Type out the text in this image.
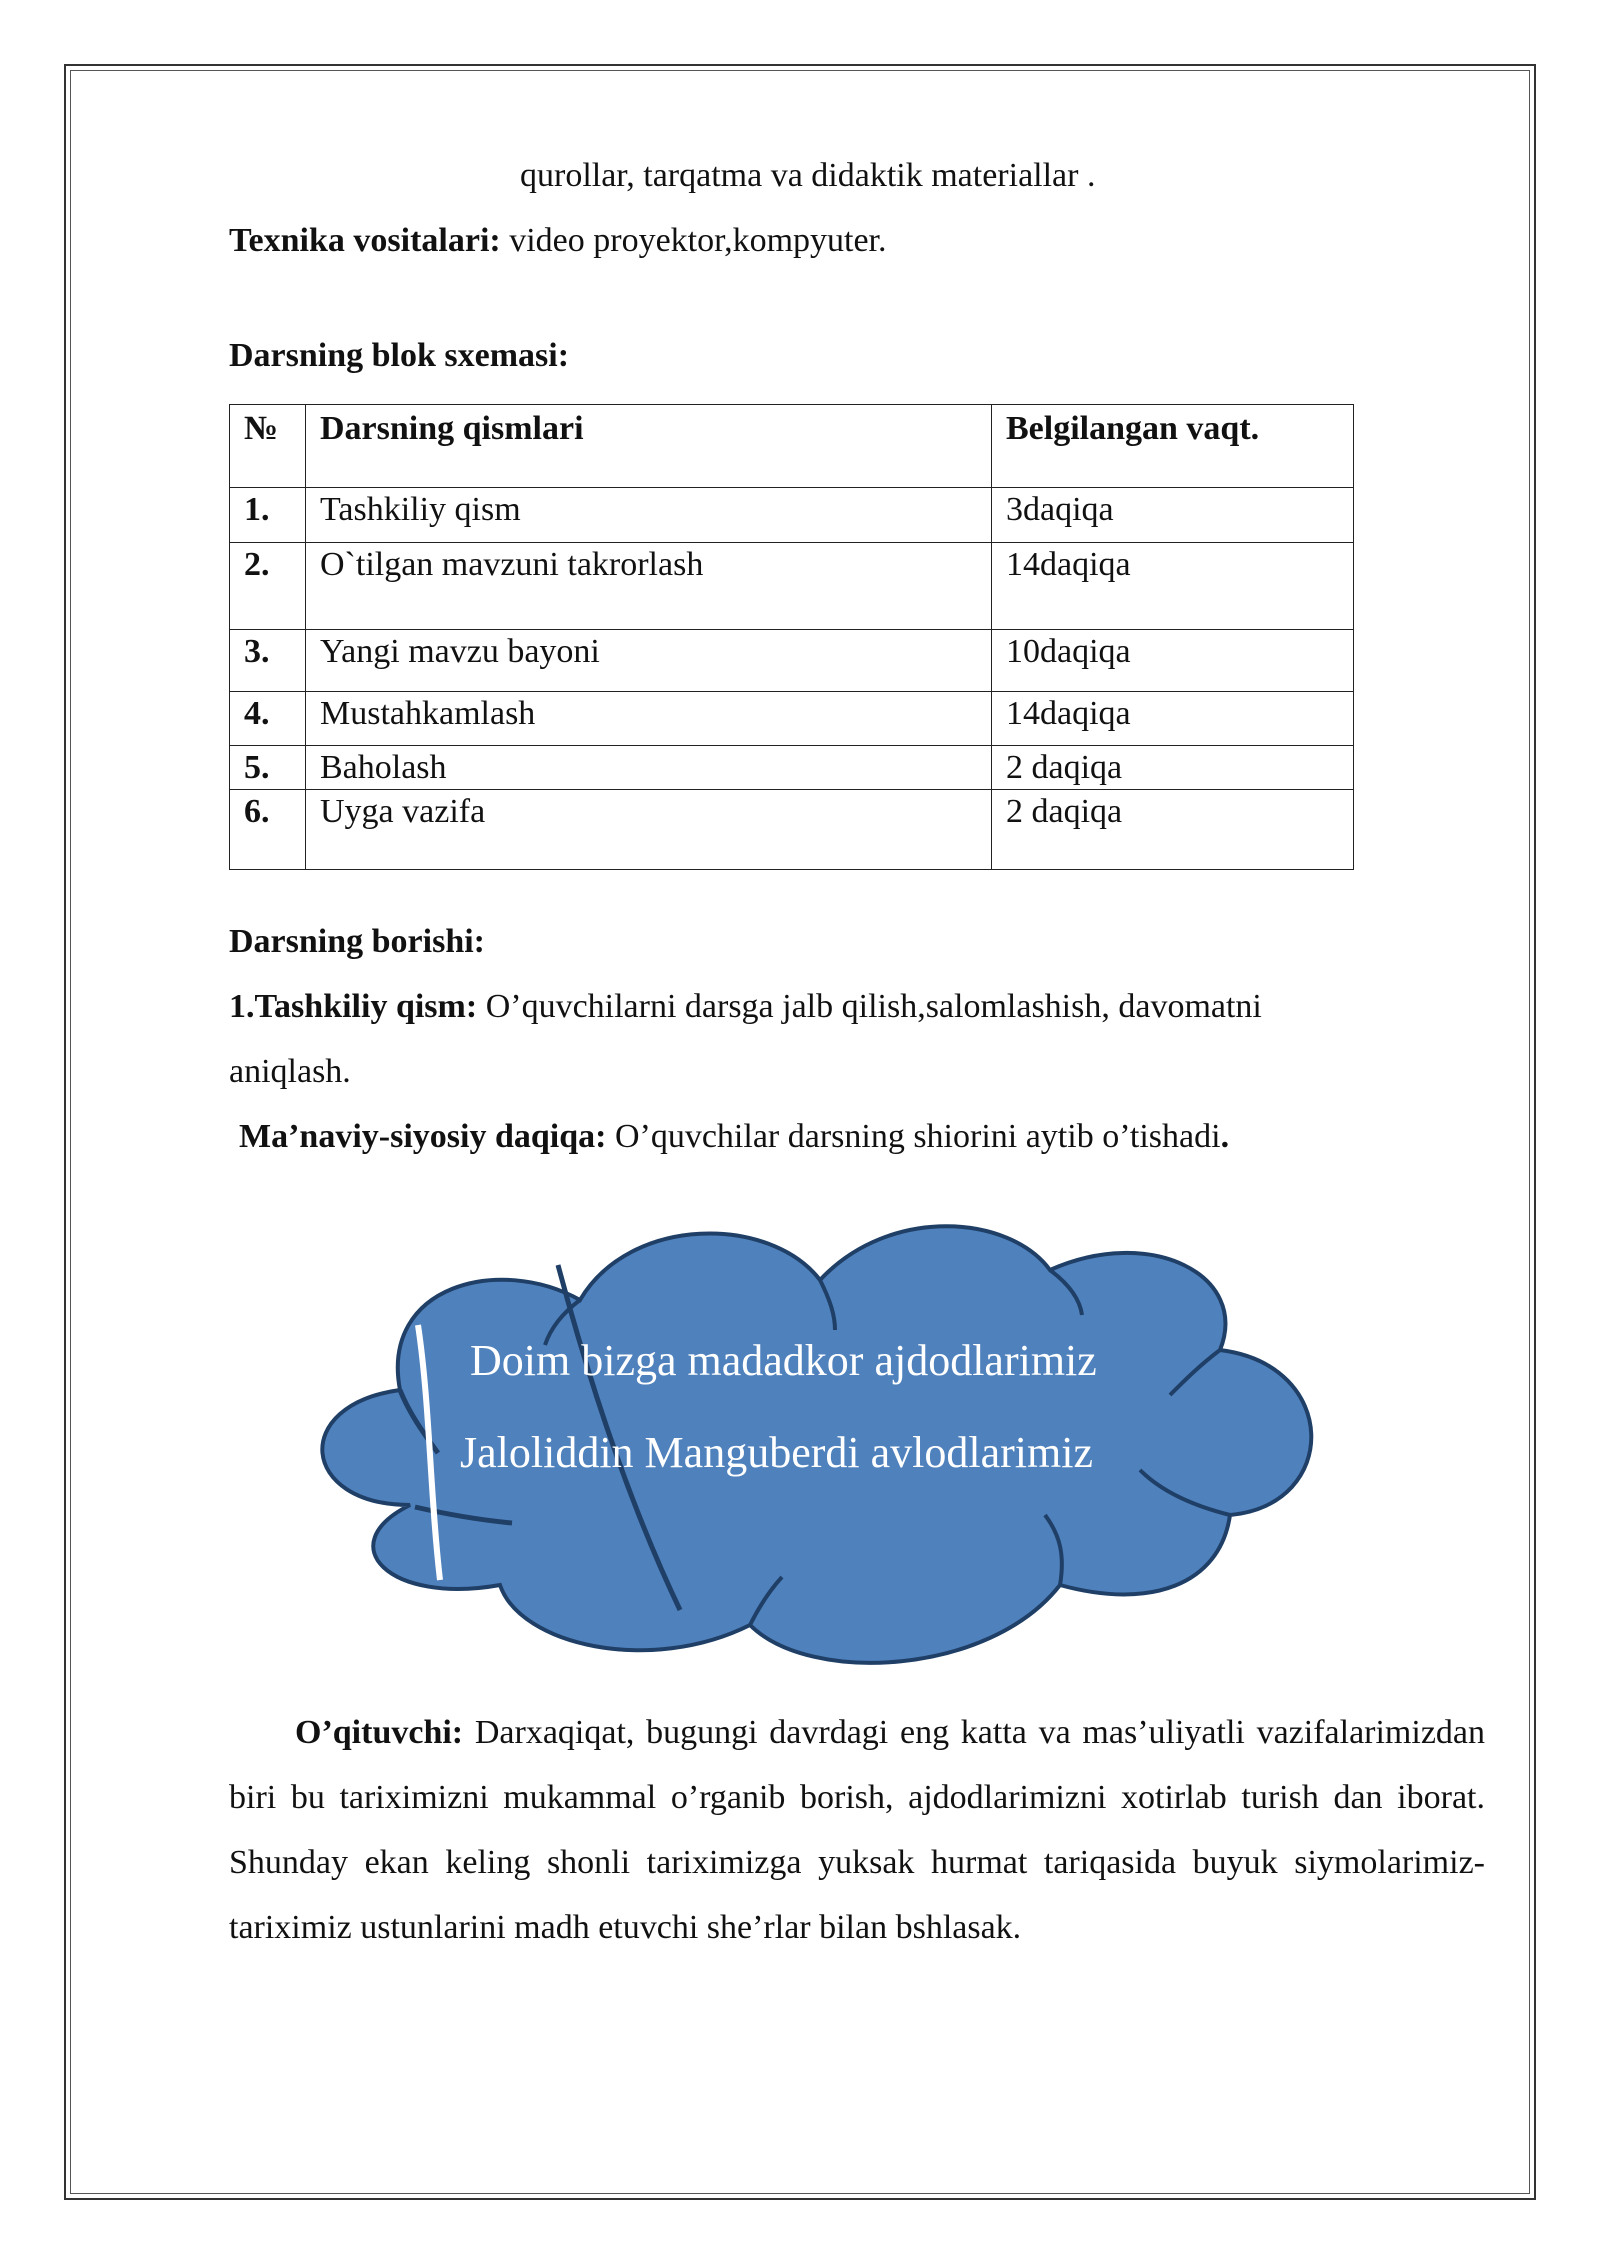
qurollar, tarqatma va didaktik materiallar .
Texnika vositalari: video proyektor,kompyuter.
Darsning blok sxemasi:
№	Darsning qismlari	Belgilangan vaqt.
1.	Tashkiliy qism	3daqiqa
2.	O`tilgan mavzuni takrorlash	14daqiqa
3.	Yangi mavzu bayoni	10daqiqa
4.	Mustahkamlash	14daqiqa
5.	Baholash	2 daqiqa
6.	Uyga vazifa	2 daqiqa
Darsning borishi:
1.Tashkiliy qism: O’quvchilarni darsga jalb qilish,salomlashish, davomatni
aniqlash.
Ma’naviy-siyosiy daqiqa: O’quvchilar darsning shiorini aytib o’tishadi.
Doim bizga madadkor ajdodlarimiz
Jaloliddin Manguberdi avlodlarimiz
O’qituvchi: Darxaqiqat, bugungi davrdagi eng katta va mas’uliyatli vazifalarimizdan biri bu tariximizni mukammal o’rganib borish, ajdodlarimizni xotirlab turish dan iborat. Shunday ekan keling shonli tariximizga yuksak hurmat tariqasida buyuk siymolarimiz-tariximiz ustunlarini madh etuvchi she’rlar bilan bshlasak.
